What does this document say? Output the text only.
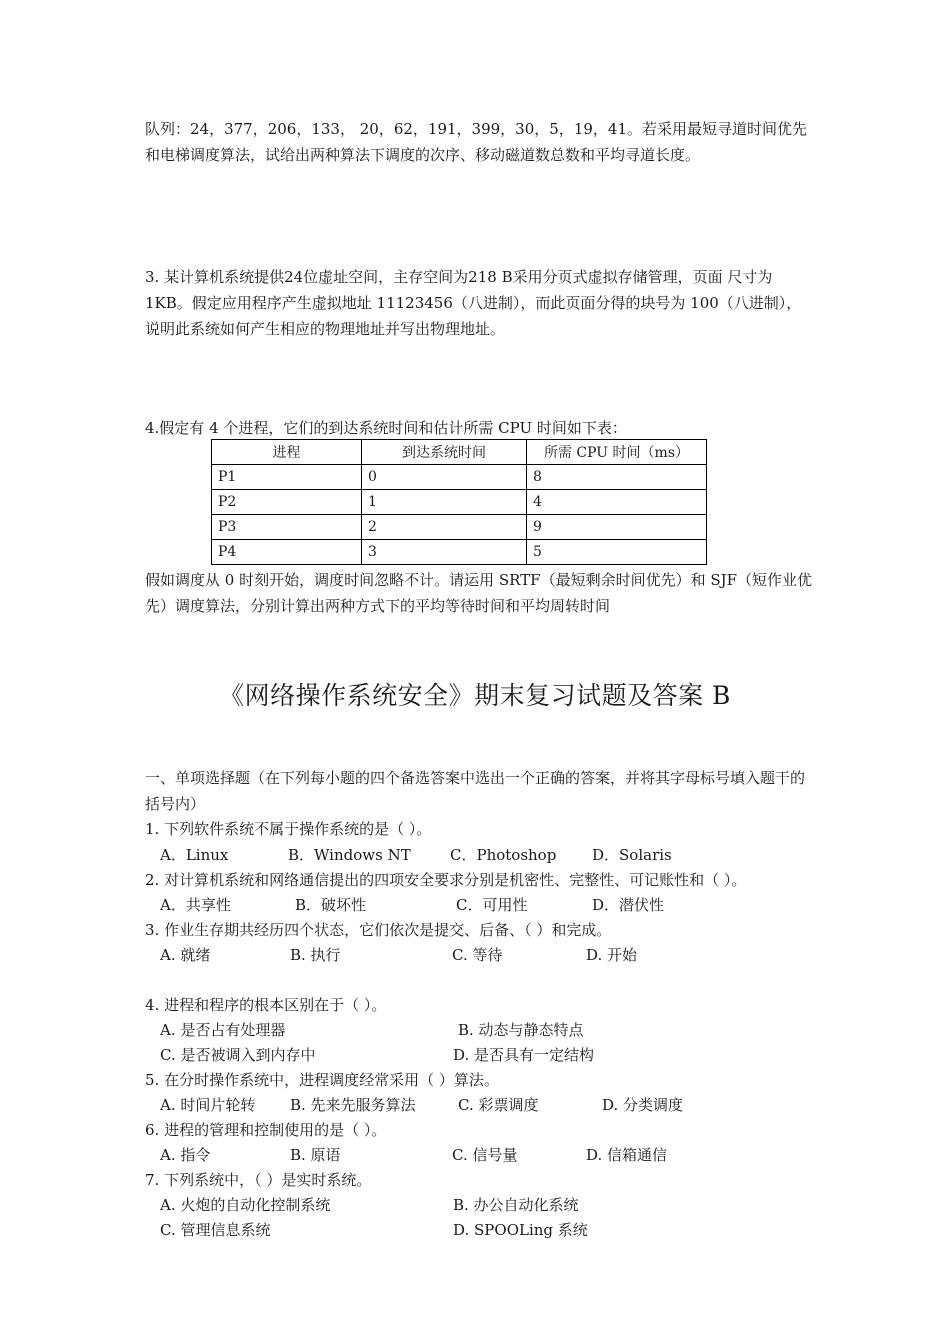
队列：24，377，206，133， 20，62，191，399，30，5，19，41。若采用最短寻道时间优先和电梯调度算法，试给出两种算法下调度的次序、移动磁道数总数和平均寻道长度。

3. 某计算机系统提供24位虚址空间，主存空间为218 B采用分页式虚拟存储管理，页面 尺寸为 1KB。假定应用程序产生虚拟地址 11123456（八进制），而此页面分得的块号为 100（八进制），说明此系统如何产生相应的物理地址并写出物理地址。

4.假定有 4 个进程，它们的到达系统时间和估计所需 CPU 时间如下表：

进程	到达系统时间	所需 CPU 时间（ms）
P1	0	8
P2	1	4
P3	2	9
P4	3	5

假如调度从 0 时刻开始，调度时间忽略不计。请运用 SRTF（最短剩余时间优先）和 SJF（短作业优先）调度算法，分别计算出两种方式下的平均等待时间和平均周转时间

《网络操作系统安全》期末复习试题及答案 B

一、单项选择题（在下列每小题的四个备选答案中选出一个正确的答案，并将其字母标号填入题干的括号内）

1. 下列软件系统不属于操作系统的是（ ）。
A．Linux	B．Windows NT	C．Photoshop D．Solaris
2. 对计算机系统和网络通信提出的四项安全要求分别是机密性、完整性、可记账性和（ ）。
A．共享性	B．破坏性	C．可用性	D．潜伏性
3. 作业生存期共经历四个状态，它们依次是提交、后备、（ ）和完成。
A. 就绪	B. 执行	C. 等待	D. 开始
4. 进程和程序的根本区别在于（ ）。
A. 是否占有处理器	B. 动态与静态特点
C. 是否被调入到内存中	D. 是否具有一定结构
5. 在分时操作系统中，进程调度经常采用（ ）算法。
A. 时间片轮转 B. 先来先服务算法	C. 彩票调度	D. 分类调度
6. 进程的管理和控制使用的是（ ）。
A. 指令	B. 原语	C. 信号量	D. 信箱通信
7. 下列系统中，（ ）是实时系统。
A. 火炮的自动化控制系统	B. 办公自动化系统
C. 管理信息系统	D. SPOOLing 系统
